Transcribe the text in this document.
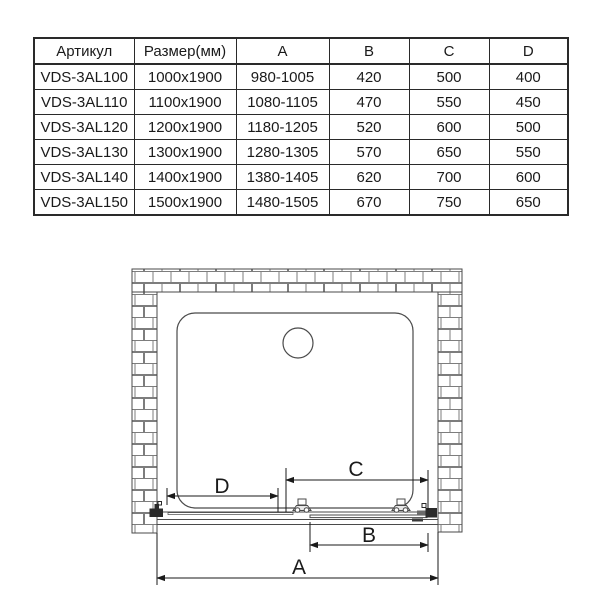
Артикул	Размер(мм)	A	B	C	D
VDS-3AL100	1000x1900	980-1005	420	500	400
VDS-3AL110	1100x1900	1080-1105	470	550	450
VDS-3AL120	1200x1900	1180-1205	520	600	500
VDS-3AL130	1300x1900	1280-1305	570	650	550
VDS-3AL140	1400x1900	1380-1405	620	700	600
VDS-3AL150	1500x1900	1480-1505	670	750	650
C
D
B
A
